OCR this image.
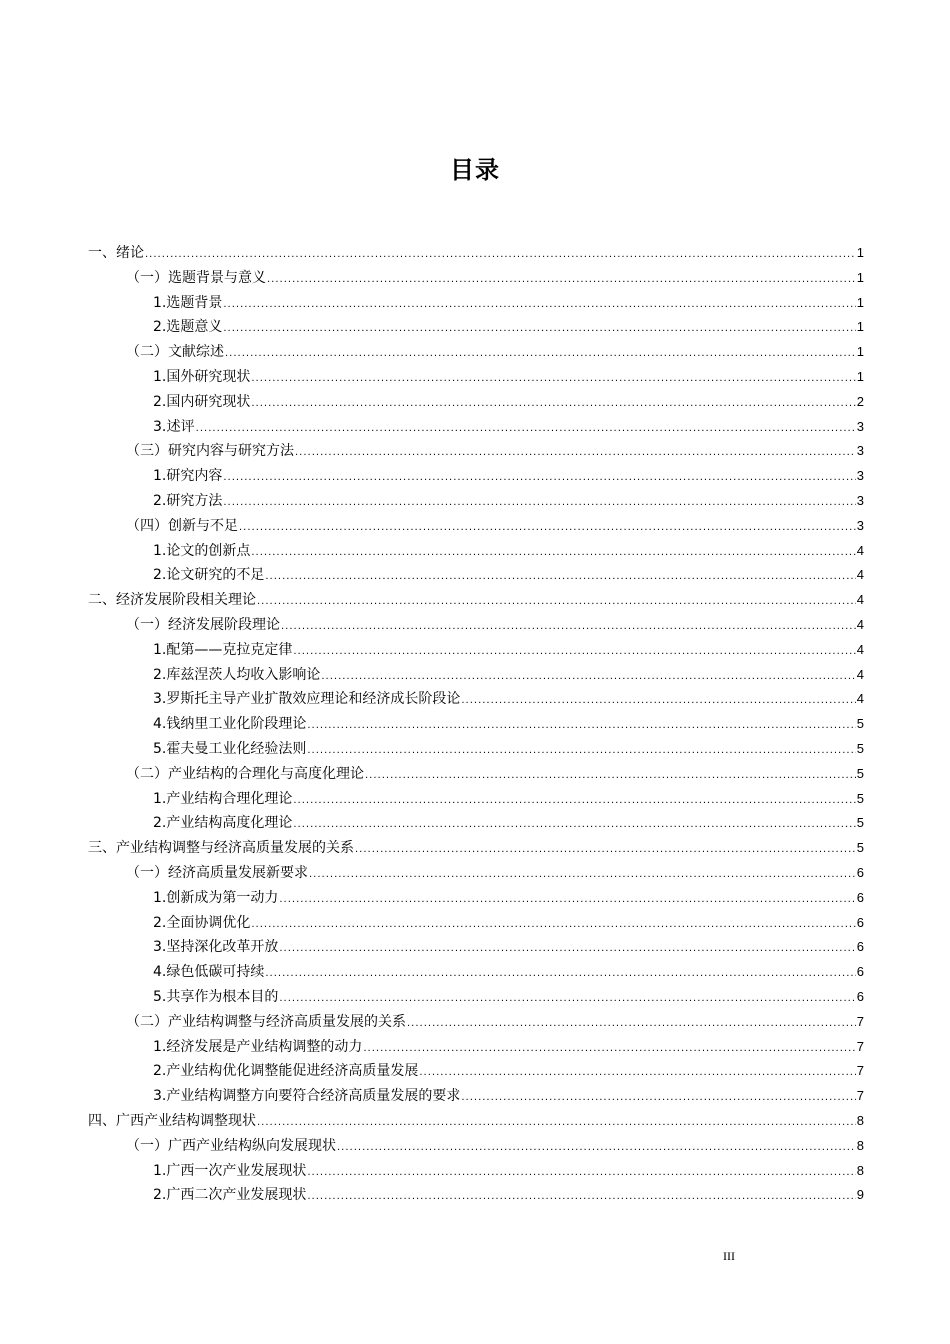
目录
一、 绪论 .....	1
（一） 选题背景与意义 .....	1
1. 选题背景 .....	1
2. 选题意义 .....	1
（二） 文献综述 .....	1
1. 国外研究现状 .....	1
2. 国内研究现状 .....	2
3. 述评 .....	3
（三） 研究内容与研究方法 .....	3
1. 研究内容 .....	3
2. 研究方法 .....	3
（四） 创新与不足 .....	3
1. 论文的创新点 .....	4
2. 论文研究的不足 .....	4
二、 经济发展阶段相关理论 .....	4
（一） 经济发展阶段理论 .....	4
1. 配第——克拉克定律 .....	4
2. 库兹涅茨人均收入影响论 .....	4
3. 罗斯托主导产业扩散效应理论和经济成长阶段论 .....	4
4. 钱纳里工业化阶段理论 .....	5
5. 霍夫曼工业化经验法则 .....	5
（二） 产业结构的合理化与高度化理论 .....	5
1. 产业结构合理化理论 .....	5
2. 产业结构高度化理论 .....	5
三、 产业结构调整与经济高质量发展的关系 .....	5
（一） 经济高质量发展新要求 .....	6
1. 创新成为第一动力 .....	6
2. 全面协调优化 .....	6
3. 坚持深化改革开放 .....	6
4. 绿色低碳可持续 .....	6
5. 共享作为根本目的 .....	6
（二） 产业结构调整与经济高质量发展的关系 .....	7
1. 经济发展是产业结构调整的动力 .....	7
2. 产业结构优化调整能促进经济高质量发展 .....	7
3. 产业结构调整方向要符合经济高质量发展的要求 .....	7
四、 广西产业结构调整现状 .....	8
（一） 广西产业结构纵向发展现状 .....	8
1. 广西一次产业发展现状 .....	8
2. 广西二次产业发展现状 .....	9
III
